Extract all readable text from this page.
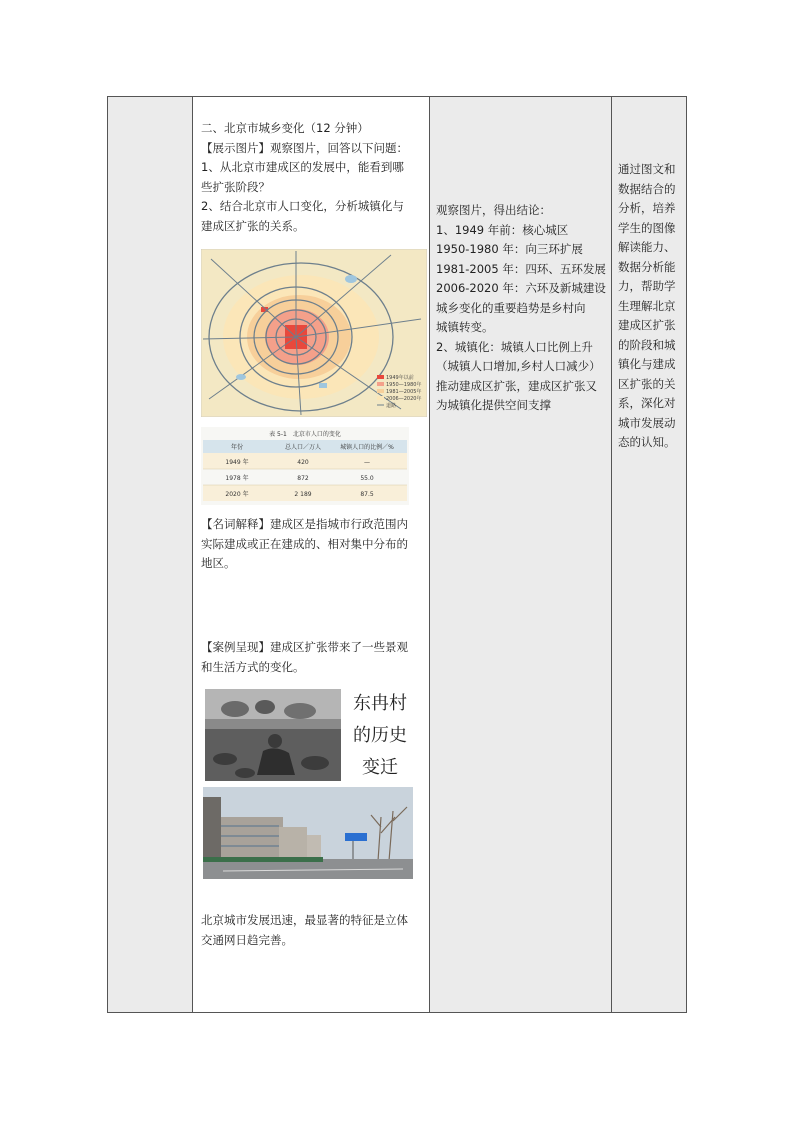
二、北京市城乡变化（12 分钟）
【展示图片】观察图片，回答以下问题：
1、从北京市建成区的发展中，能看到哪
些扩张阶段？
2、结合北京市人口变化，分析城镇化与
建成区扩张的关系。
1949年以前
1950—1980年
1981—2005年
2006—2020年
道路
表 5-1　北京市人口的变化
年份	总人口／万人	城镇人口的比例／%
1949 年	420	—
1978 年	872	55.0
2020 年	2 189	87.5
【名词解释】建成区是指城市行政范围内
实际建成或正在建成的、相对集中分布的
地区。
【案例呈现】建成区扩张带来了一些景观
和生活方式的变化。
东冉村
的历史
变迁
北京城市发展迅速，最显著的特征是立体
交通网日趋完善。
观察图片，得出结论：
1、1949 年前：核心城区
1950-1980 年：向三环扩展
1981-2005 年：四环、五环发展
2006-2020 年：六环及新城建设
城乡变化的重要趋势是乡村向
城镇转变。
2、城镇化：城镇人口比例上升
（城镇人口增加,乡村人口减少）
推动建成区扩张，建成区扩张又
为城镇化提供空间支撑
通过图文和
数据结合的
分析，培养
学生的图像
解读能力、
数据分析能
力，帮助学
生理解北京
建成区扩张
的阶段和城
镇化与建成
区扩张的关
系，深化对
城市发展动
态的认知。
